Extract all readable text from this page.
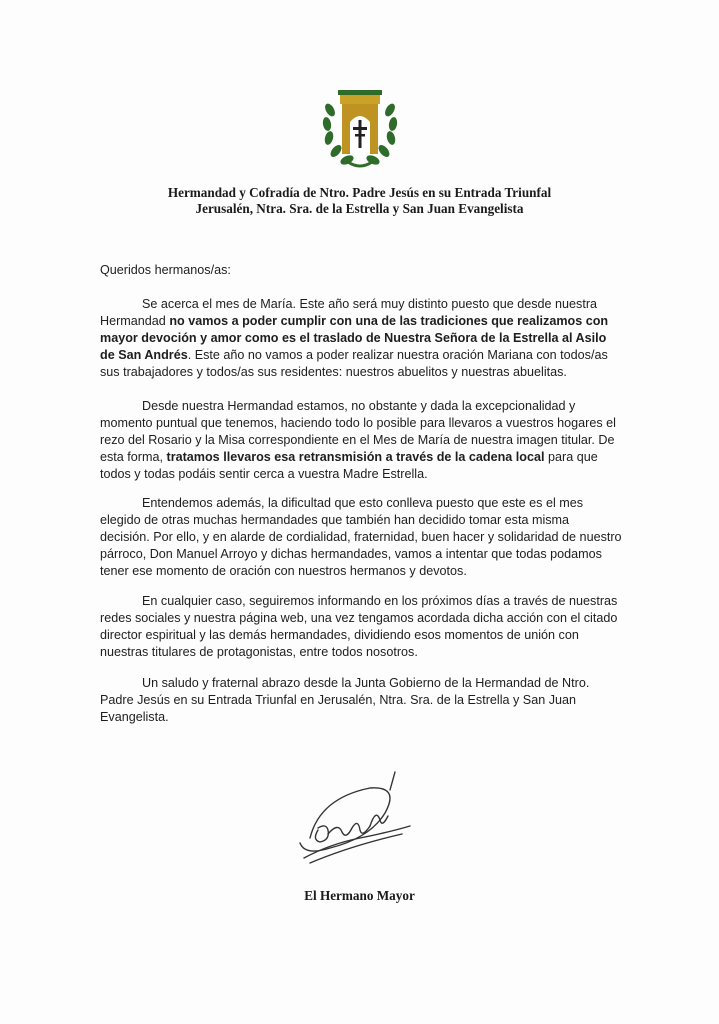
Hermandad y Cofradía de Ntro. Padre Jesús en su Entrada Triunfal
Jerusalén, Ntra. Sra. de la Estrella y San Juan Evangelista
Queridos hermanos/as:
Se acerca el mes de María. Este año será muy distinto puesto que desde nuestra Hermandad no vamos a poder cumplir con una de las tradiciones que realizamos con mayor devoción y amor como es el traslado de Nuestra Señora de la Estrella al Asilo de San Andrés. Este año no vamos a poder realizar nuestra oración Mariana con todos/as sus trabajadores y todos/as sus residentes: nuestros abuelitos y nuestras abuelitas.
Desde nuestra Hermandad estamos, no obstante y dada la excepcionalidad y momento puntual que tenemos, haciendo todo lo posible para llevaros a vuestros hogares el rezo del Rosario y la Misa correspondiente en el Mes de María de nuestra imagen titular. De esta forma, tratamos llevaros esa retransmisión a través de la cadena local para que todos y todas podáis sentir cerca a vuestra Madre Estrella.
Entendemos además, la dificultad que esto conlleva puesto que este es el mes elegido de otras muchas hermandades que también han decidido tomar esta misma decisión. Por ello, y en alarde de cordialidad, fraternidad, buen hacer y solidaridad de nuestro párroco, Don Manuel Arroyo y dichas hermandades, vamos a intentar que todas podamos tener ese momento de oración con nuestros hermanos y devotos.
En cualquier caso, seguiremos informando en los próximos días a través de nuestras redes sociales y nuestra página web, una vez tengamos acordada dicha acción con el citado director espiritual y las demás hermandades, dividiendo esos momentos de unión con nuestras titulares de protagonistas, entre todos nosotros.
Un saludo y fraternal abrazo desde la Junta Gobierno de la Hermandad de Ntro. Padre Jesús en su Entrada Triunfal en Jerusalén, Ntra. Sra. de la Estrella y San Juan Evangelista.
El Hermano Mayor
